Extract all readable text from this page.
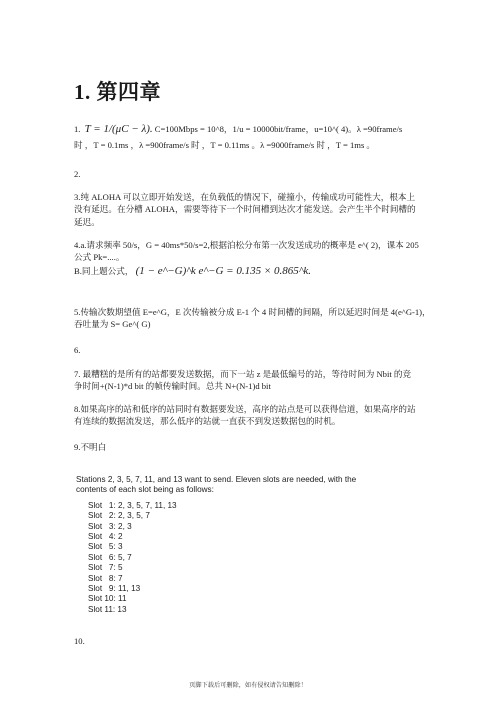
1. 第四章
1. T = 1/(μC − λ). C=100Mbps = 10^8，1/u = 10000bit/frame，u=10^( 4)。λ =90frame/s
时 ，T = 0.1ms ，λ =900frame/s 时 ，T = 0.11ms 。λ =9000frame/s 时 ，T = 1ms 。
2.
3.纯 ALOHA 可以立即开始发送，在负载低的情况下，碰撞小，传输成功可能性大，根本上
没有延迟。在分槽 ALOHA，需要等待下一个时间槽到达次才能发送。会产生半个时间槽的
延迟。
4.a.请求频率 50/s，G = 40ms*50/s=2,根据泊松分布第一次发送成功的概率是 e^( 2)，课本 205
公式 Pk=....。
B.同上题公式， (1 − e^−G)^k e^−G = 0.135 × 0.865^k.
5.传输次数期望值 E=e^G，E 次传输被分成 E-1 个 4 时间槽的间隔，所以延迟时间是 4(e^G-1)，
吞吐量为 S= Ge^( G)
6.
7. 最糟糕的是所有的站都要发送数据，而下一站 z 是最低编号的站，等待时间为 Nbit 的竞
争时间+(N-1)*d bit 的帧传输时间。总共 N+(N-1)d bit
8.如果高序的站和低序的站同时有数据要发送，高序的站点是可以获得信道，如果高序的站
有连续的数据流发送，那么低序的站就一直获不到发送数据包的时机。
9.不明白
Stations 2, 3, 5, 7, 11, and 13 want to send. Eleven slots are needed, with the
contents of each slot being as follows:
Slot   1: 2, 3, 5, 7, 11, 13
Slot   2: 2, 3, 5, 7
Slot   3: 2, 3
Slot   4: 2
Slot   5: 3
Slot   6: 5, 7
Slot   7: 5
Slot   8: 7
Slot   9: 11, 13
Slot 10: 11
Slot 11: 13
10.
页脚下载后可删除，如有侵权请告知删除！
